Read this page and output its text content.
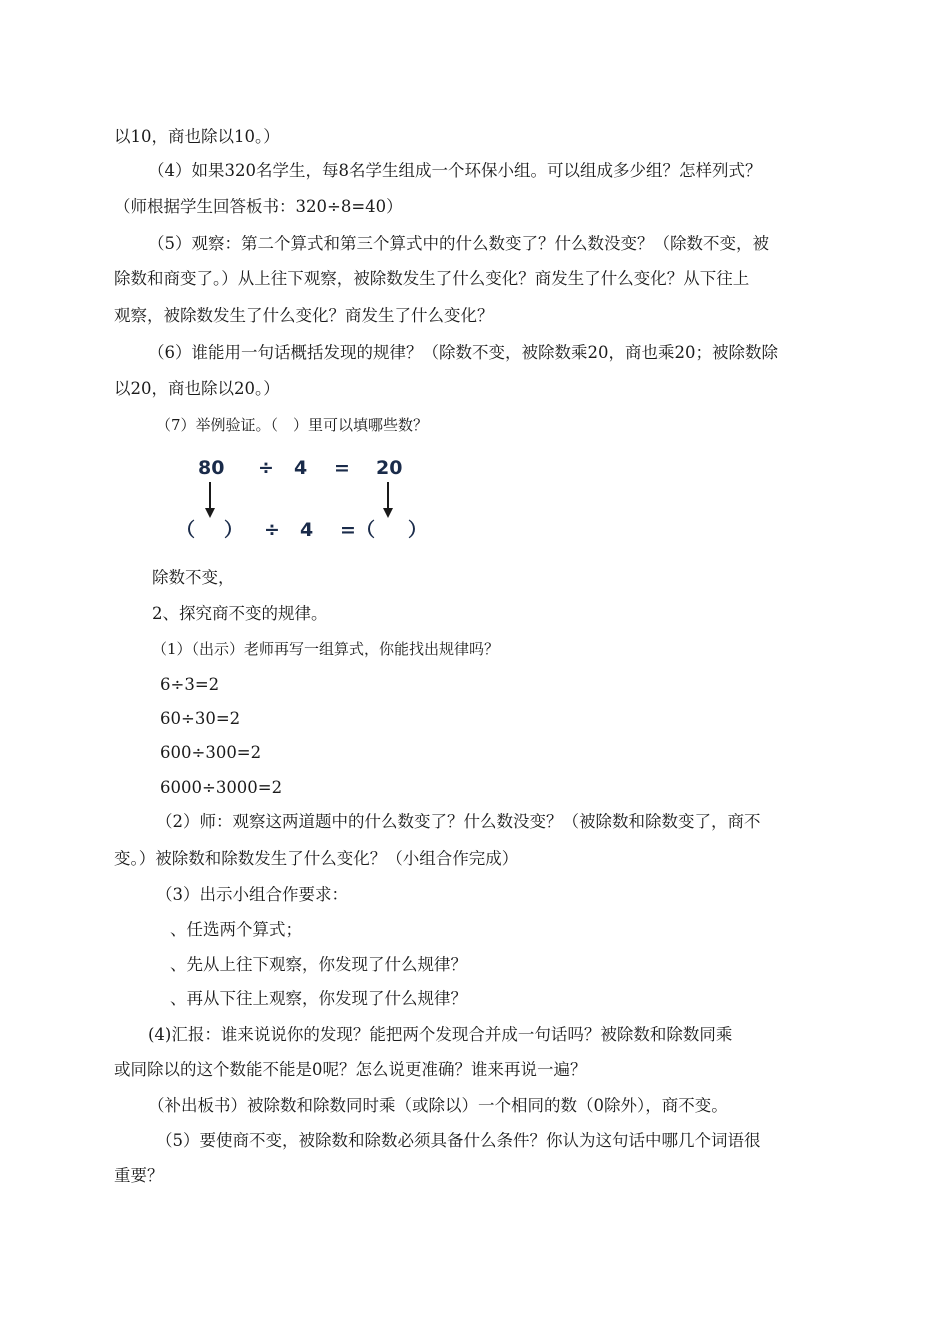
以10，商也除以10。）
（4）如果320名学生，每8名学生组成一个环保小组。可以组成多少组？怎样列式？
（师根据学生回答板书：320÷8=40）
（5）观察：第二个算式和第三个算式中的什么数变了？什么数没变？（除数不变，被
除数和商变了。）从上往下观察，被除数发生了什么变化？商发生了什么变化？从下往上
观察，被除数发生了什么变化？商发生了什么变化？
（6）谁能用一句话概括发现的规律？（除数不变，被除数乘20，商也乘20；被除数除
以20，商也除以20。）
（7）举例验证。（　）里可以填哪些数？
80 ÷ 4 = 20
（ ） ÷ 4 = （ ）
除数不变，
2、探究商不变的规律。
（1）（出示）老师再写一组算式，你能找出规律吗？
6÷3=2
60÷30=2
600÷300=2
6000÷3000=2
（2）师：观察这两道题中的什么数变了？什么数没变？（被除数和除数变了，商不
变。）被除数和除数发生了什么变化？（小组合作完成）
（3）出示小组合作要求：
、任选两个算式；
、先从上往下观察，你发现了什么规律？
、再从下往上观察，你发现了什么规律？
(4)汇报：谁来说说你的发现？能把两个发现合并成一句话吗？被除数和除数同乘
或同除以的这个数能不能是0呢？怎么说更准确？谁来再说一遍？
（补出板书）被除数和除数同时乘（或除以）一个相同的数（0除外），商不变。
（5）要使商不变，被除数和除数必须具备什么条件？你认为这句话中哪几个词语很
重要？
